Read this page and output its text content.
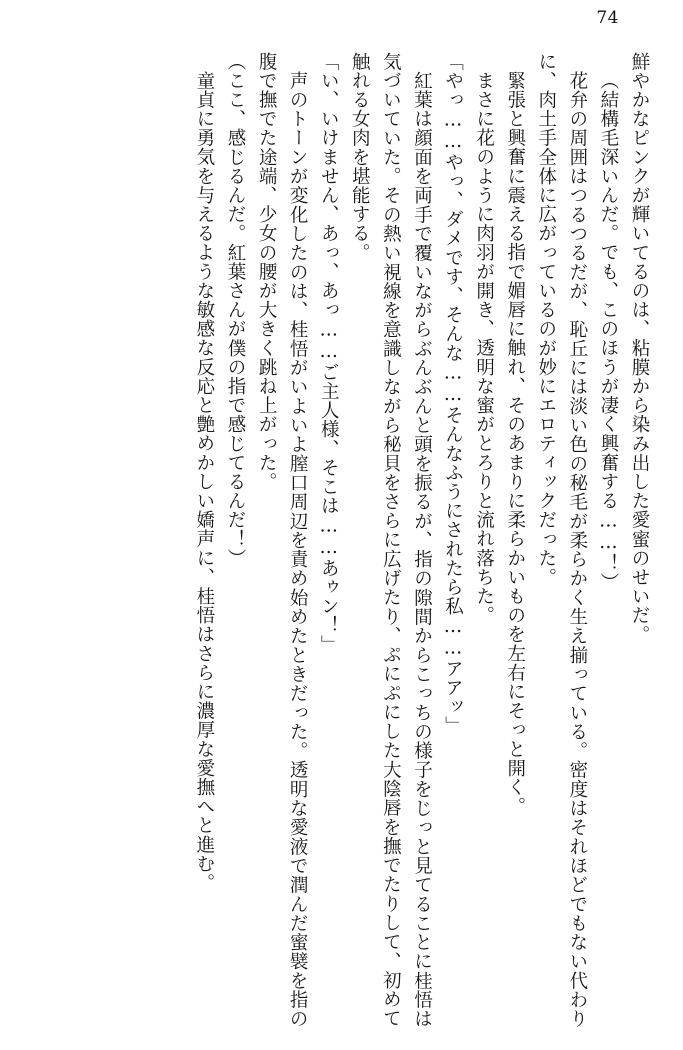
74

鮮やかなピンクが輝いてるのは、粘膜から染み出した愛蜜のせいだ。

（結構毛深いんだ。でも、このほうが凄く興奮する……！）

花弁の周囲はつるつるだが、恥丘には淡い色の秘毛が柔らかく生え揃っている。密度はそれほどでもない代わりに、肉土手全体に広がっているのが妙にエロティックだった。

緊張と興奮に震える指で媚唇に触れ、そのあまりに柔らかいものを左右にそっと開く。

まさに花のように肉羽が開き、透明な蜜がとろりと流れ落ちた。

「やっ……やっ、ダメです、そんな……そんなふうにされたら私……アアッ」

紅葉は顔面を両手で覆いながらぶんぶんと頭を振るが、指の隙間からこっちの様子をじっと見てることに桂悟は気づいていた。その熱い視線を意識しながら秘貝をさらに広げたり、ぷにぷにした大陰唇を撫でたりして、初めて触れる女肉を堪能する。

「い、いけません、あっ、あっ……ご主人様、そこは……あゥン！」

声のトーンが変化したのは、桂悟がいよいよ膣口周辺を責め始めたときだった。透明な愛液で潤んだ蜜襞を指の腹で撫でた途端、少女の腰が大きく跳ね上がった。

（ここ、感じるんだ。紅葉さんが僕の指で感じてるんだ！）

童貞に勇気を与えるような敏感な反応と艶めかしい嬌声に、桂悟はさらに濃厚な愛撫へと進む。
